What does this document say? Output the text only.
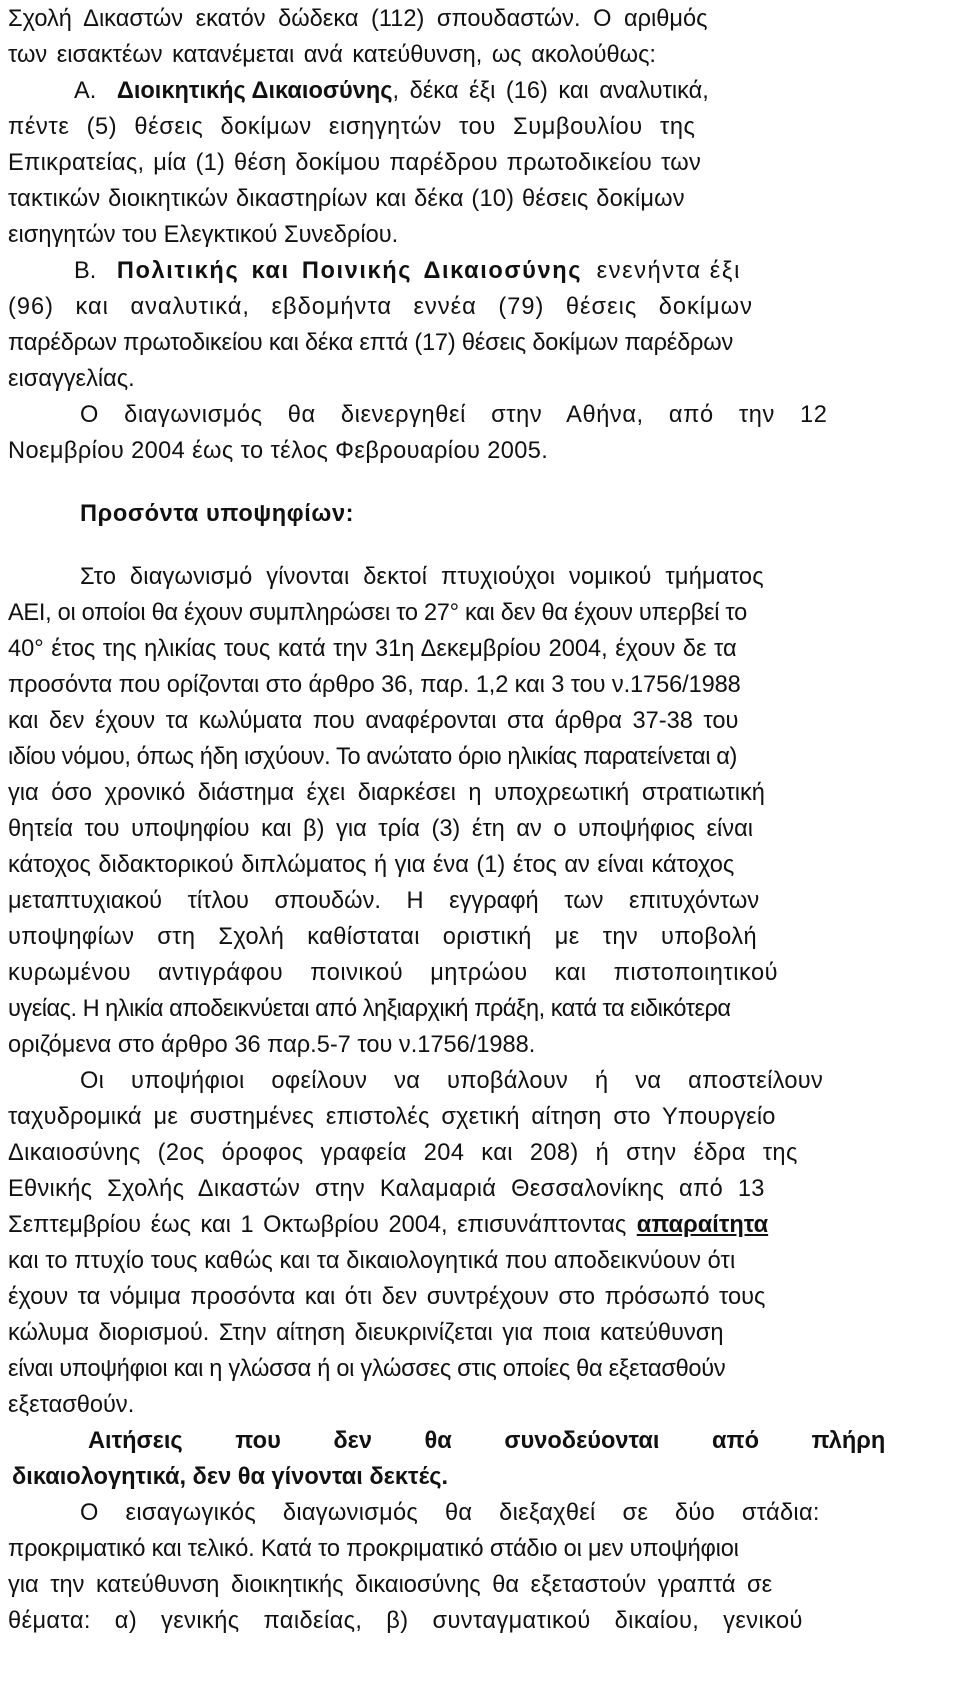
Σχολή Δικαστών εκατόν δώδεκα (112) σπουδαστών. Ο αριθμός
των εισακτέων κατανέμεται ανά κατεύθυνση, ως ακολούθως:
Α. Διοικητικής Δικαιοσύνης, δέκα έξι (16) και αναλυτικά,
πέντε (5) θέσεις δοκίμων εισηγητών του Συμβουλίου της
Επικρατείας, μία (1) θέση δοκίμου παρέδρου πρωτοδικείου των
τακτικών διοικητικών δικαστηρίων και δέκα (10) θέσεις δοκίμων
εισηγητών του Ελεγκτικού Συνεδρίου.
Β. Πολιτικής και Ποινικής Δικαιοσύνης ενενήντα έξι
(96) και αναλυτικά, εβδομήντα εννέα (79) θέσεις δοκίμων
παρέδρων πρωτοδικείου και δέκα επτά (17) θέσεις δοκίμων παρέδρων
εισαγγελίας.
Ο διαγωνισμός θα διενεργηθεί στην Αθήνα, από την 12
Νοεμβρίου 2004 έως το τέλος Φεβρουαρίου 2005.
Προσόντα υποψηφίων:
Στο διαγωνισμό γίνονται δεκτοί πτυχιούχοι νομικού τμήματος
ΑΕΙ, οι οποίοι θα έχουν συμπληρώσει το 27° και δεν θα έχουν υπερβεί το
40° έτος της ηλικίας τους κατά την 31η Δεκεμβρίου 2004, έχουν δε τα
προσόντα που ορίζονται στο άρθρο 36, παρ. 1,2 και 3 του ν.1756/1988
και δεν έχουν τα κωλύματα που αναφέρονται στα άρθρα 37-38 του
ιδίου νόμου, όπως ήδη ισχύουν. Το ανώτατο όριο ηλικίας παρατείνεται α)
για όσο χρονικό διάστημα έχει διαρκέσει η υποχρεωτική στρατιωτική
θητεία του υποψηφίου και β) για τρία (3) έτη αν ο υποψήφιος είναι
κάτοχος διδακτορικού διπλώματος ή για ένα (1) έτος αν είναι κάτοχος
μεταπτυχιακού τίτλου σπουδών. Η εγγραφή των επιτυχόντων
υποψηφίων στη Σχολή καθίσταται οριστική με την υποβολή
κυρωμένου αντιγράφου ποινικού μητρώου και πιστοποιητικού
υγείας. Η ηλικία αποδεικνύεται από ληξιαρχική πράξη, κατά τα ειδικότερα
οριζόμενα στο άρθρο 36 παρ.5-7 του ν.1756/1988.
Οι υποψήφιοι οφείλουν να υποβάλουν ή να αποστείλουν
ταχυδρομικά με συστημένες επιστολές σχετική αίτηση στο Υπουργείο
Δικαιοσύνης (2ος όροφος γραφεία 204 και 208) ή στην έδρα της
Εθνικής Σχολής Δικαστών στην Καλαμαριά Θεσσαλονίκης από 13
Σεπτεμβρίου έως και 1 Οκτωβρίου 2004, επισυνάπτοντας απαραίτητα
και το πτυχίο τους καθώς και τα δικαιολογητικά που αποδεικνύουν ότι
έχουν τα νόμιμα προσόντα και ότι δεν συντρέχουν στο πρόσωπό τους
κώλυμα διορισμού. Στην αίτηση διευκρινίζεται για ποια κατεύθυνση
είναι υποψήφιοι και η γλώσσα ή οι γλώσσες στις οποίες θα εξετασθούν
εξετασθούν.
Αιτήσεις που δεν θα συνοδεύονται από πλήρη
δικαιολογητικά, δεν θα γίνονται δεκτές.
Ο εισαγωγικός διαγωνισμός θα διεξαχθεί σε δύο στάδια:
προκριματικό και τελικό. Κατά το προκριματικό στάδιο οι μεν υποψήφιοι
για την κατεύθυνση διοικητικής δικαιοσύνης θα εξεταστούν γραπτά σε
θέματα: α) γενικής παιδείας, β) συνταγματικού δικαίου, γενικού
